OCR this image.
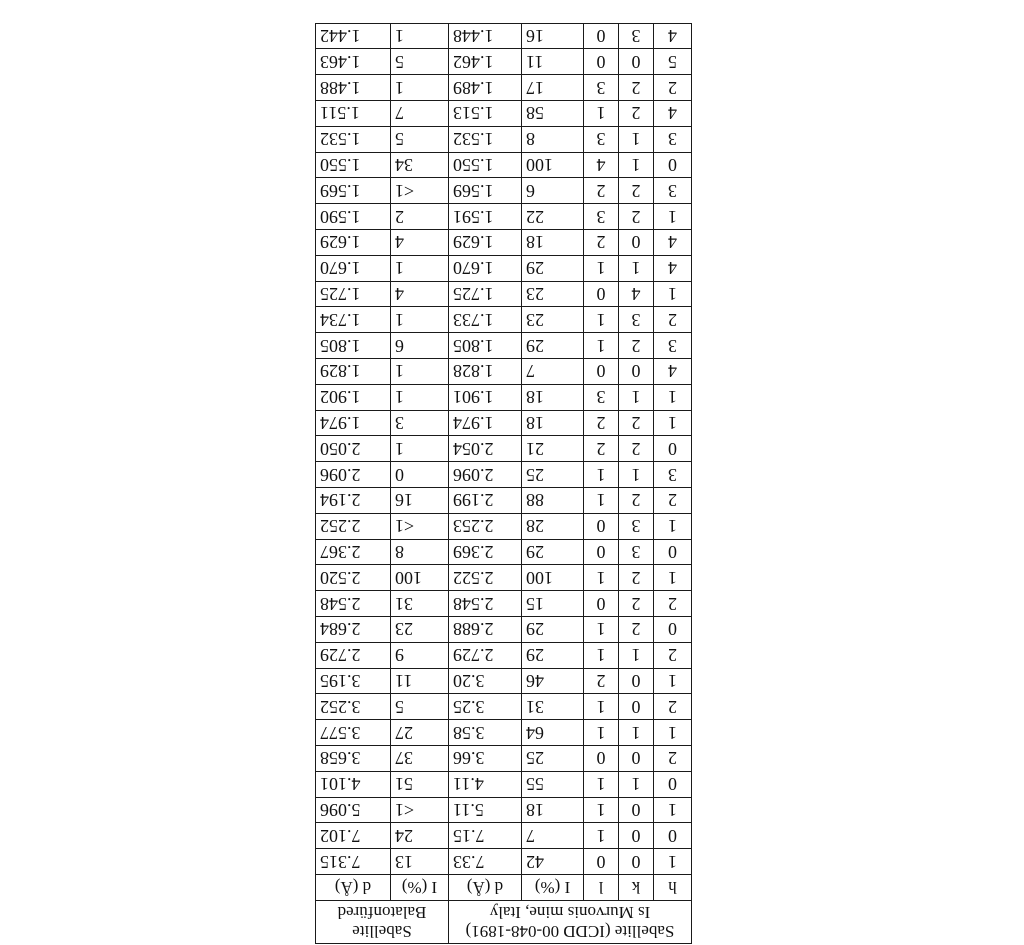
Sabellite (ICDD 00-048-1891)
Is Murvonis mine, Italy					Sabellite
Balatonfüred	
h	k	l	I (%)	d (Å)	I (%)	d (Å)
1	0	0	42	7.33	13	7.315
0	0	1	7	7.15	24	7.102
1	0	1	18	5.11	<1	5.096
0	1	1	55	4.11	51	4.101
2	0	0	25	3.66	37	3.658
1	1	1	64	3.58	27	3.577
2	0	1	31	3.25	5	3.252
1	0	2	46	3.20	11	3.195
2	1	1	29	2.729	9	2.729
0	2	1	29	2.688	23	2.684
2	2	0	15	2.548	31	2.548
1	2	1	100	2.522	100	2.520
0	3	0	29	2.369	8	2.367
1	3	0	28	2.253	<1	2.252
2	2	1	88	2.199	16	2.194
3	1	1	25	2.096	0	2.096
0	2	2	21	2.054	1	2.050
1	2	2	18	1.974	3	1.974
1	1	3	18	1.901	1	1.902
4	0	0	7	1.828	1	1.829
3	2	1	29	1.805	6	1.805
2	3	1	23	1.733	1	1.734
1	4	0	23	1.725	4	1.725
4	1	1	29	1.670	1	1.670
4	0	2	18	1.629	4	1.629
1	2	3	22	1.591	2	1.590
3	2	2	6	1.569	<1	1.569
0	1	4	100	1.550	34	1.550
3	1	3	8	1.532	5	1.532
4	2	1	58	1.513	7	1.511
2	2	3	17	1.489	1	1.488
5	0	0	11	1.462	5	1.463
4	3	0	16	1.448	1	1.442
